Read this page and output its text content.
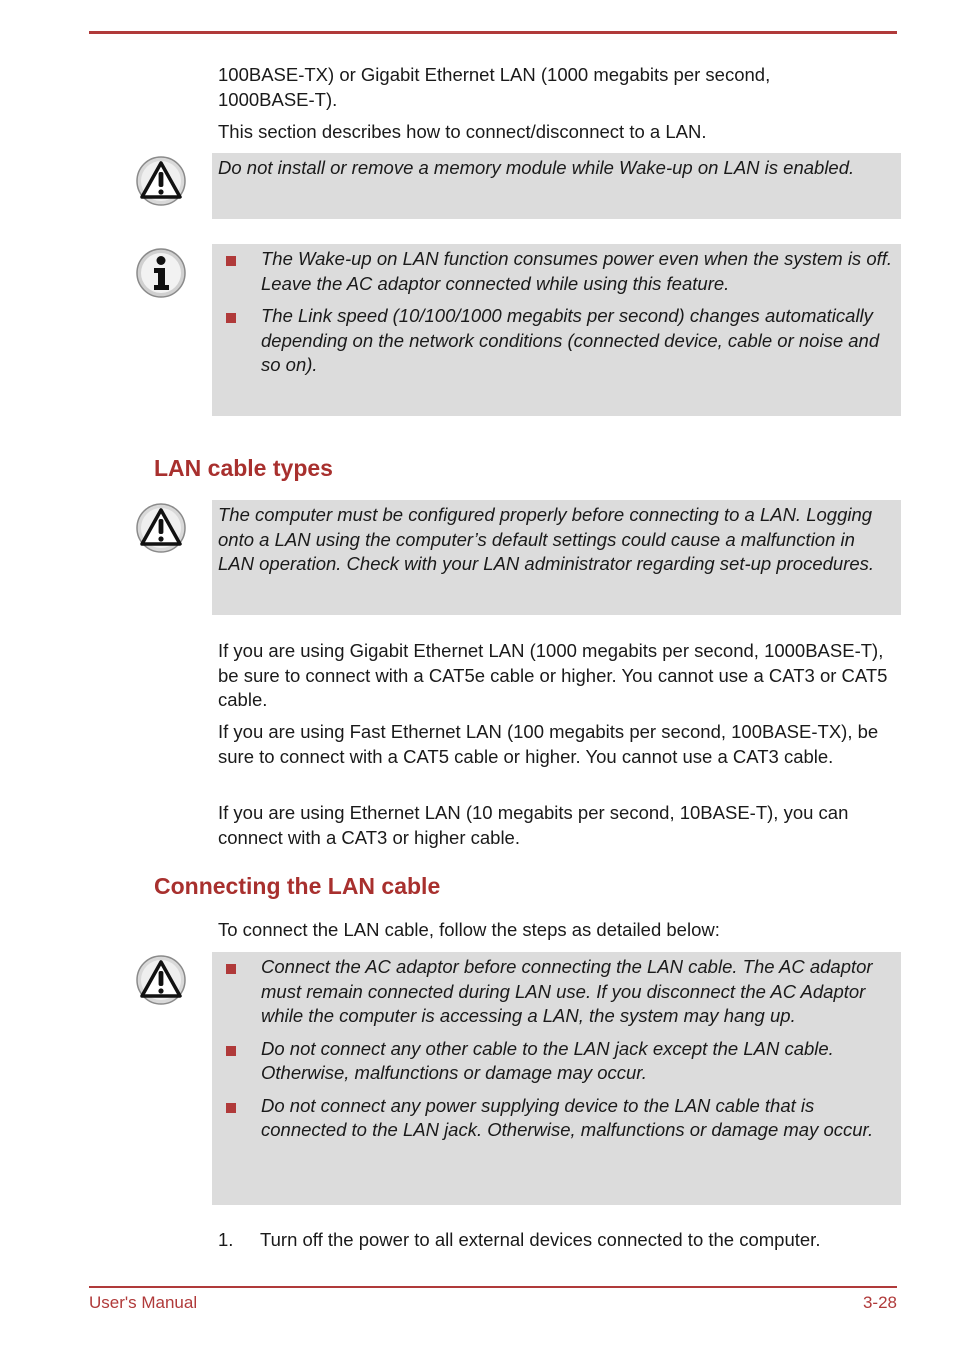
100BASE-TX) or Gigabit Ethernet LAN (1000 megabits per second,
1000BASE-T).

This section describes how to connect/disconnect to a LAN.

Do not install or remove a memory module while Wake-up on LAN is enabled.

The Wake-up on LAN function consumes power even when the system is off. Leave the AC adaptor connected while using this feature.
The Link speed (10/100/1000 megabits per second) changes automatically depending on the network conditions (connected device, cable or noise and so on).
LAN cable types

The computer must be configured properly before connecting to a LAN. Logging onto a LAN using the computer’s default settings could cause a malfunction in LAN operation. Check with your LAN administrator regarding set-up procedures.

If you are using Gigabit Ethernet LAN (1000 megabits per second, 1000BASE-T), be sure to connect with a CAT5e cable or higher. You cannot use a CAT3 or CAT5 cable.

If you are using Fast Ethernet LAN (100 megabits per second, 100BASE-TX), be sure to connect with a CAT5 cable or higher. You cannot use a CAT3 cable.

If you are using Ethernet LAN (10 megabits per second, 10BASE-T), you can connect with a CAT3 or higher cable.

Connecting the LAN cable

To connect the LAN cable, follow the steps as detailed below:

Connect the AC adaptor before connecting the LAN cable. The AC adaptor must remain connected during LAN use. If you disconnect the AC Adaptor while the computer is accessing a LAN, the system may hang up.
Do not connect any other cable to the LAN jack except the LAN cable. Otherwise, malfunctions or damage may occur.
Do not connect any power supplying device to the LAN cable that is connected to the LAN jack. Otherwise, malfunctions or damage may occur.
1. Turn off the power to all external devices connected to the computer.
User's Manual	3-28
